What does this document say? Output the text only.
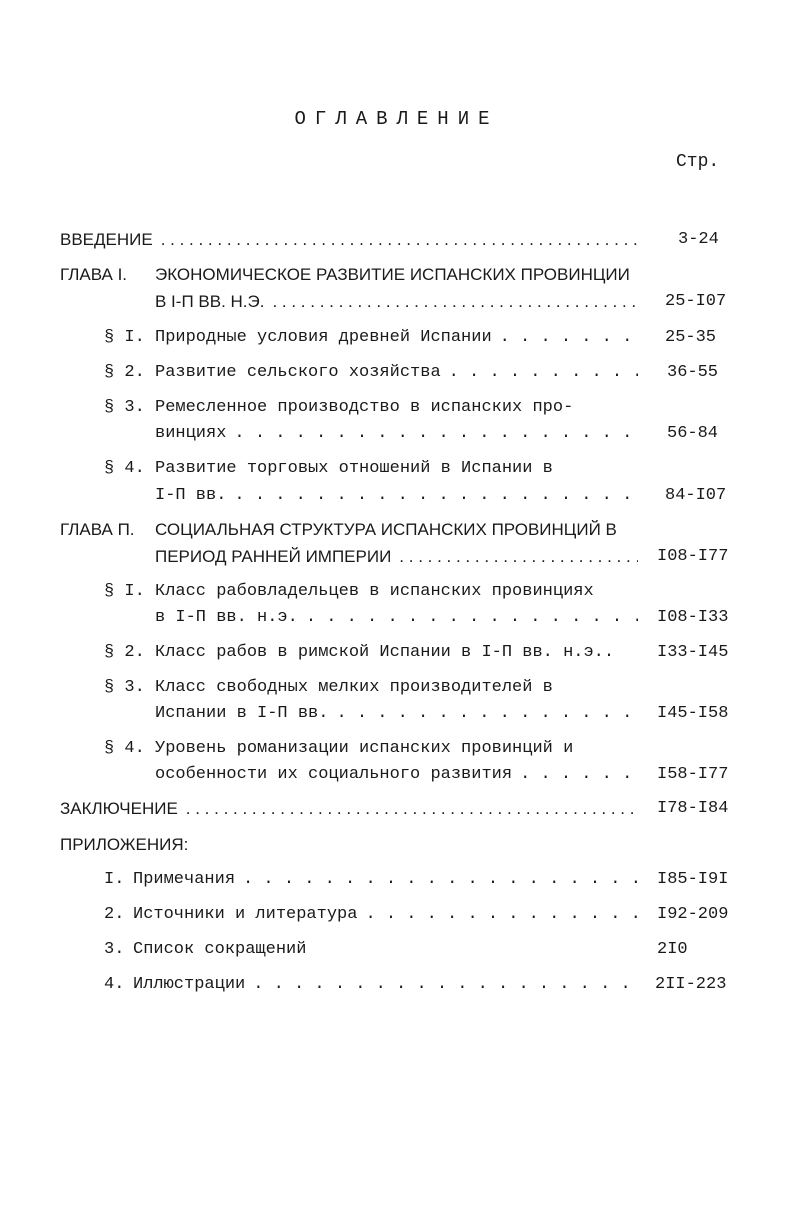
ОГЛАВЛЕНИЕ
Стр.
ВВЕДЕНИЕ . . .	3-24
ГЛАВА I. ЭКОНОМИЧЕСКОЕ РАЗВИТИЕ ИСПАНСКИХ ПРОВИНЦИИ
В I-П ВВ. Н.Э. . . .	25-I07
§ I. Природные условия древней Испании . . .	25-35
§ 2. Развитие сельского хозяйства . . .	36-55
§ 3. Ремесленное производство в испанских про-
винциях . . .	56-84
§ 4. Развитие торговых отношений в Испании в
I-П вв. . . .	84-I07
ГЛАВА П. СОЦИАЛЬНАЯ СТРУКТУРА ИСПАНСКИХ ПРОВИНЦИЙ В
ПЕРИОД РАННЕЙ ИМПЕРИИ . . .	I08-I77
§ I. Класс рабовладельцев в испанских провинциях
в I-П вв. н.э. . . .	I08-I33
§ 2. Класс рабов в римской Испании в I-П вв. н.э..	I33-I45
§ 3. Класс свободных мелких производителей в
Испании в I-П вв. . . .	I45-I58
§ 4. Уровень романизации испанских провинций и
особенности их социального развития . . .	I58-I77
ЗАКЛЮЧЕНИЕ . . .	I78-I84
ПРИЛОЖЕНИЯ:
I. Примечания . . .	I85-I9I
2. Источники и литература . . .	I92-209
3. Список сокращений	2I0
4. Иллюстрации . . .	2II-223
